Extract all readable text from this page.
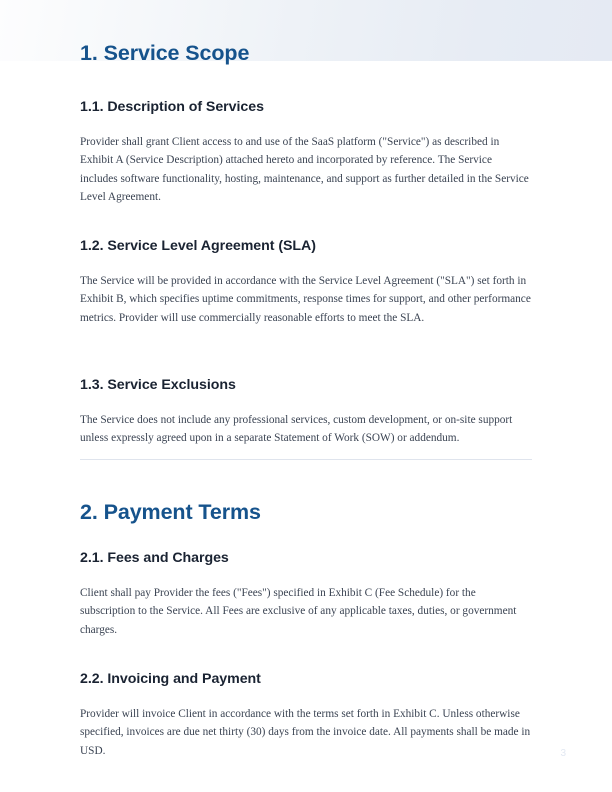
1. Service Scope
1.1. Description of Services

Provider shall grant Client access to and use of the SaaS platform ("Service") as described in Exhibit A (Service Description) attached hereto and incorporated by reference. The Service includes software functionality, hosting, maintenance, and support as further detailed in the Service Level Agreement.

1.2. Service Level Agreement (SLA)

The Service will be provided in accordance with the Service Level Agreement ("SLA") set forth in Exhibit B, which specifies uptime commitments, response times for support, and other performance metrics. Provider will use commercially reasonable efforts to meet the SLA.

1.3. Service Exclusions

The Service does not include any professional services, custom development, or on-site support unless expressly agreed upon in a separate Statement of Work (SOW) or addendum.

2. Payment Terms
2.1. Fees and Charges

Client shall pay Provider the fees ("Fees") specified in Exhibit C (Fee Schedule) for the subscription to the Service. All Fees are exclusive of any applicable taxes, duties, or government charges.

2.2. Invoicing and Payment

Provider will invoice Client in accordance with the terms set forth in Exhibit C. Unless otherwise specified, invoices are due net thirty (30) days from the invoice date. All payments shall be made in USD.	3
